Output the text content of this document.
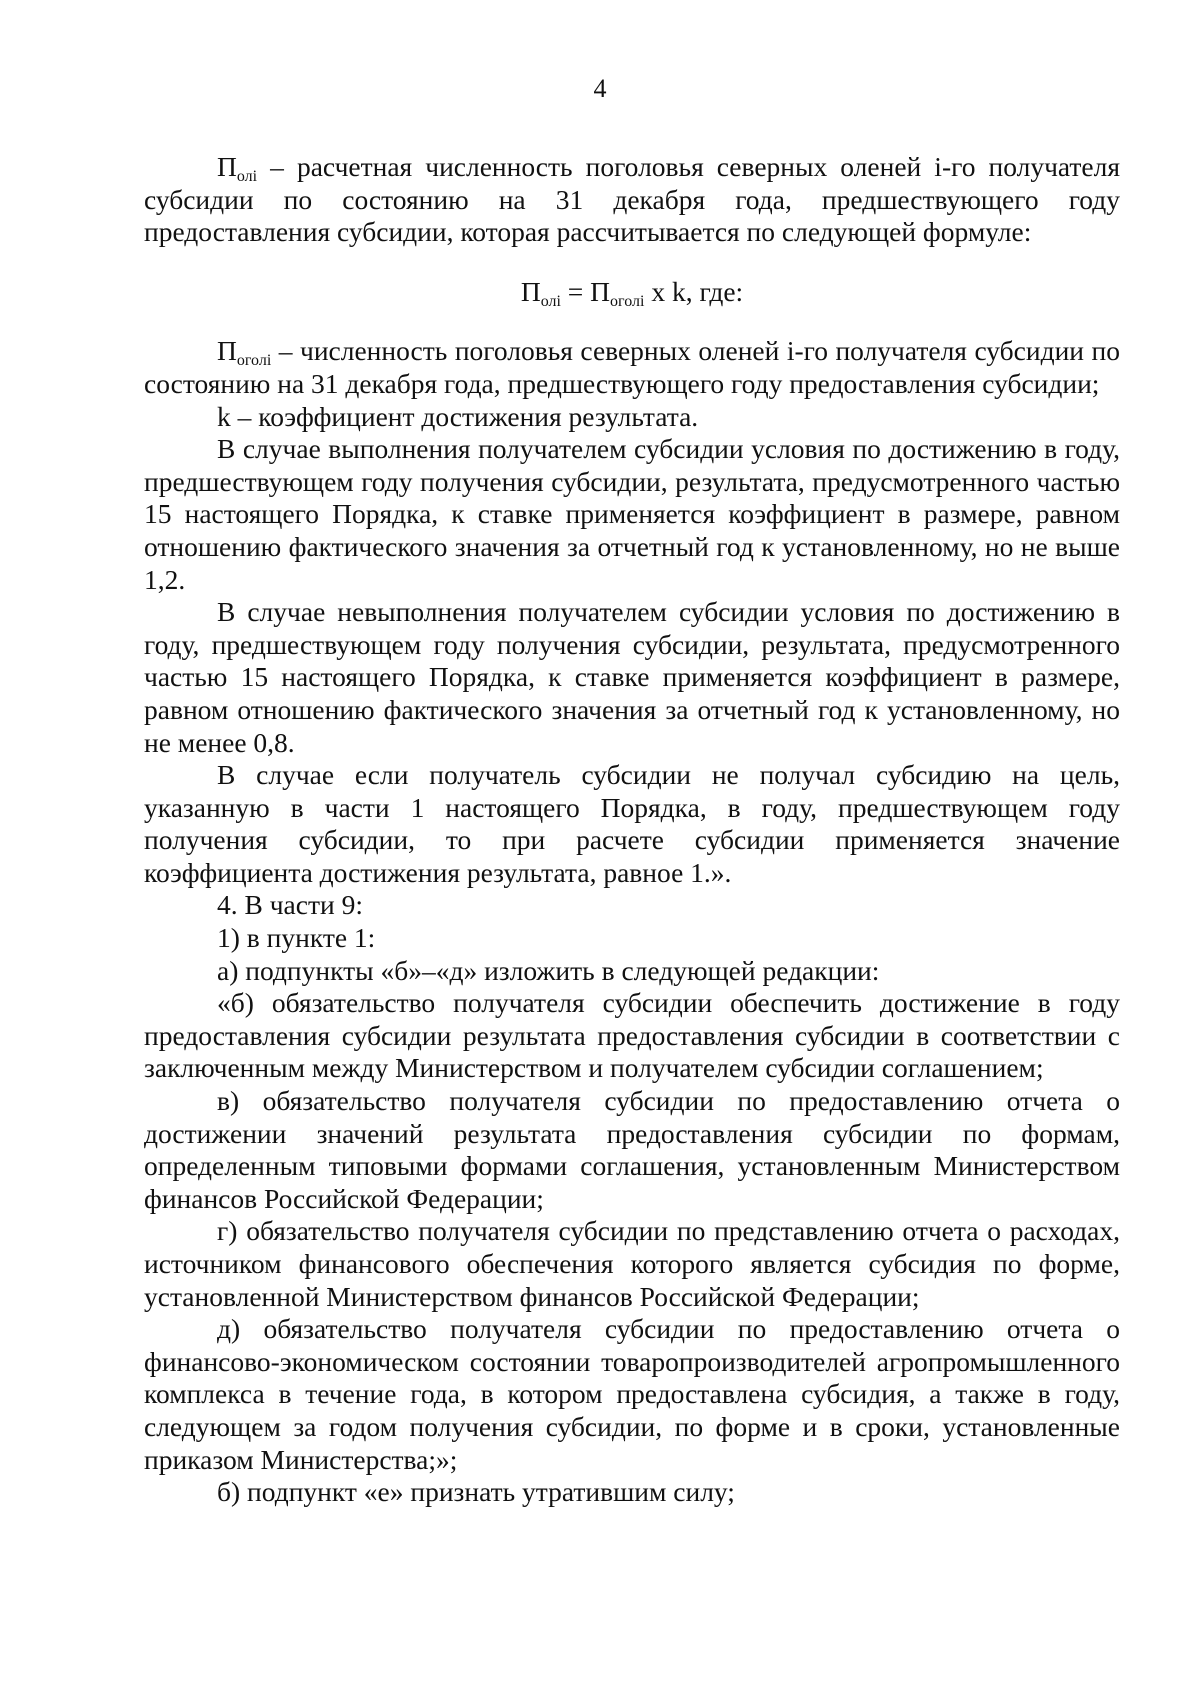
4

$П_{олi}$ – расчетная численность поголовья северных оленей i-го получателя субсидии по состоянию на 31 декабря года, предшествующего году предоставления субсидии, которая рассчитывается по следующей формуле:

$П_{олi} = П_{оголi}$ x k, где:

$П_{оголi}$ – численность поголовья северных оленей i-го получателя субсидии по состоянию на 31 декабря года, предшествующего году предоставления субсидии;

k – коэффициент достижения результата.

В случае выполнения получателем субсидии условия по достижению в году, предшествующем году получения субсидии, результата, предусмотренного частью 15 настоящего Порядка, к ставке применяется коэффициент в размере, равном отношению фактического значения за отчетный год к установленному, но не выше 1,2.

В случае невыполнения получателем субсидии условия по достижению в году, предшествующем году получения субсидии, результата, предусмотренного частью 15 настоящего Порядка, к ставке применяется коэффициент в размере, равном отношению фактического значения за отчетный год к установленному, но не менее 0,8.

В случае если получатель субсидии не получал субсидию на цель, указанную в части 1 настоящего Порядка, в году, предшествующем году получения субсидии, то при расчете субсидии применяется значение коэффициента достижения результата, равное 1.».

4. В части 9:

1) в пункте 1:

а) подпункты «б»–«д» изложить в следующей редакции:

«б) обязательство получателя субсидии обеспечить достижение в году предоставления субсидии результата предоставления субсидии в соответствии с заключенным между Министерством и получателем субсидии соглашением;

в) обязательство получателя субсидии по предоставлению отчета о достижении значений результата предоставления субсидии по формам, определенным типовыми формами соглашения, установленным Министерством финансов Российской Федерации;

г) обязательство получателя субсидии по представлению отчета о расходах, источником финансового обеспечения которого является субсидия по форме, установленной Министерством финансов Российской Федерации;

д) обязательство получателя субсидии по предоставлению отчета о финансово-экономическом состоянии товаропроизводителей агропромышленного комплекса в течение года, в котором предоставлена субсидия, а также в году, следующем за годом получения субсидии, по форме и в сроки, установленные приказом Министерства;»;

б) подпункт «е» признать утратившим силу;
